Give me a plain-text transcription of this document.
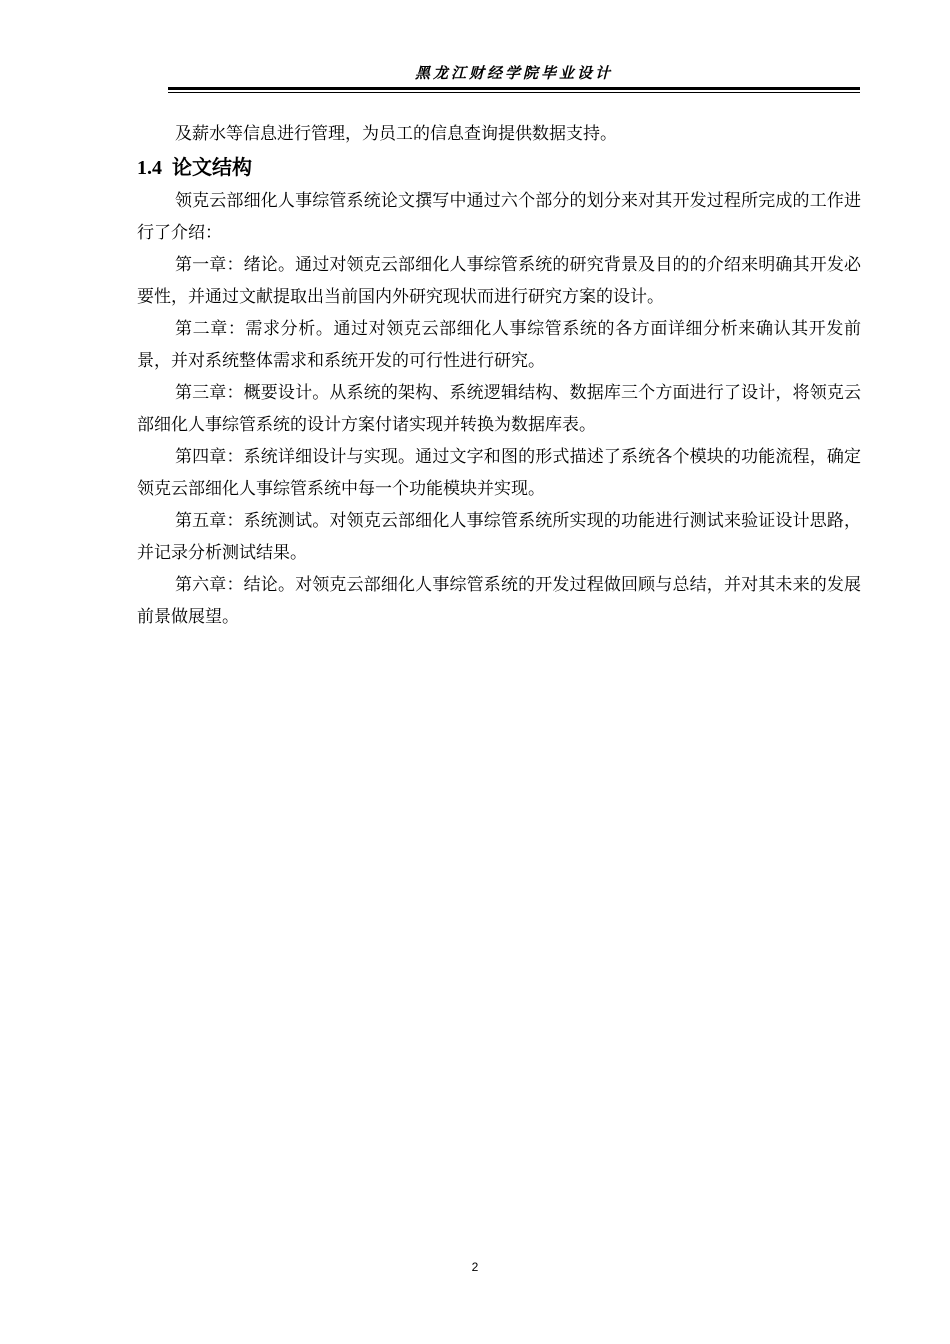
黑龙江财经学院毕业设计

及薪水等信息进行管理，为员工的信息查询提供数据支持。

1.4 论文结构

领克云部细化人事综管系统论文撰写中通过六个部分的划分来对其开发过程所完成的工作进行了介绍：

第一章：绪论。通过对领克云部细化人事综管系统的研究背景及目的的介绍来明确其开发必要性，并通过文献提取出当前国内外研究现状而进行研究方案的设计。

第二章：需求分析。通过对领克云部细化人事综管系统的各方面详细分析来确认其开发前景，并对系统整体需求和系统开发的可行性进行研究。

第三章：概要设计。从系统的架构、系统逻辑结构、数据库三个方面进行了设计，将领克云部细化人事综管系统的设计方案付诸实现并转换为数据库表。

第四章：系统详细设计与实现。通过文字和图的形式描述了系统各个模块的功能流程，确定领克云部细化人事综管系统中每一个功能模块并实现。

第五章：系统测试。对领克云部细化人事综管系统所实现的功能进行测试来验证设计思路，并记录分析测试结果。

第六章：结论。对领克云部细化人事综管系统的开发过程做回顾与总结，并对其未来的发展前景做展望。

2
